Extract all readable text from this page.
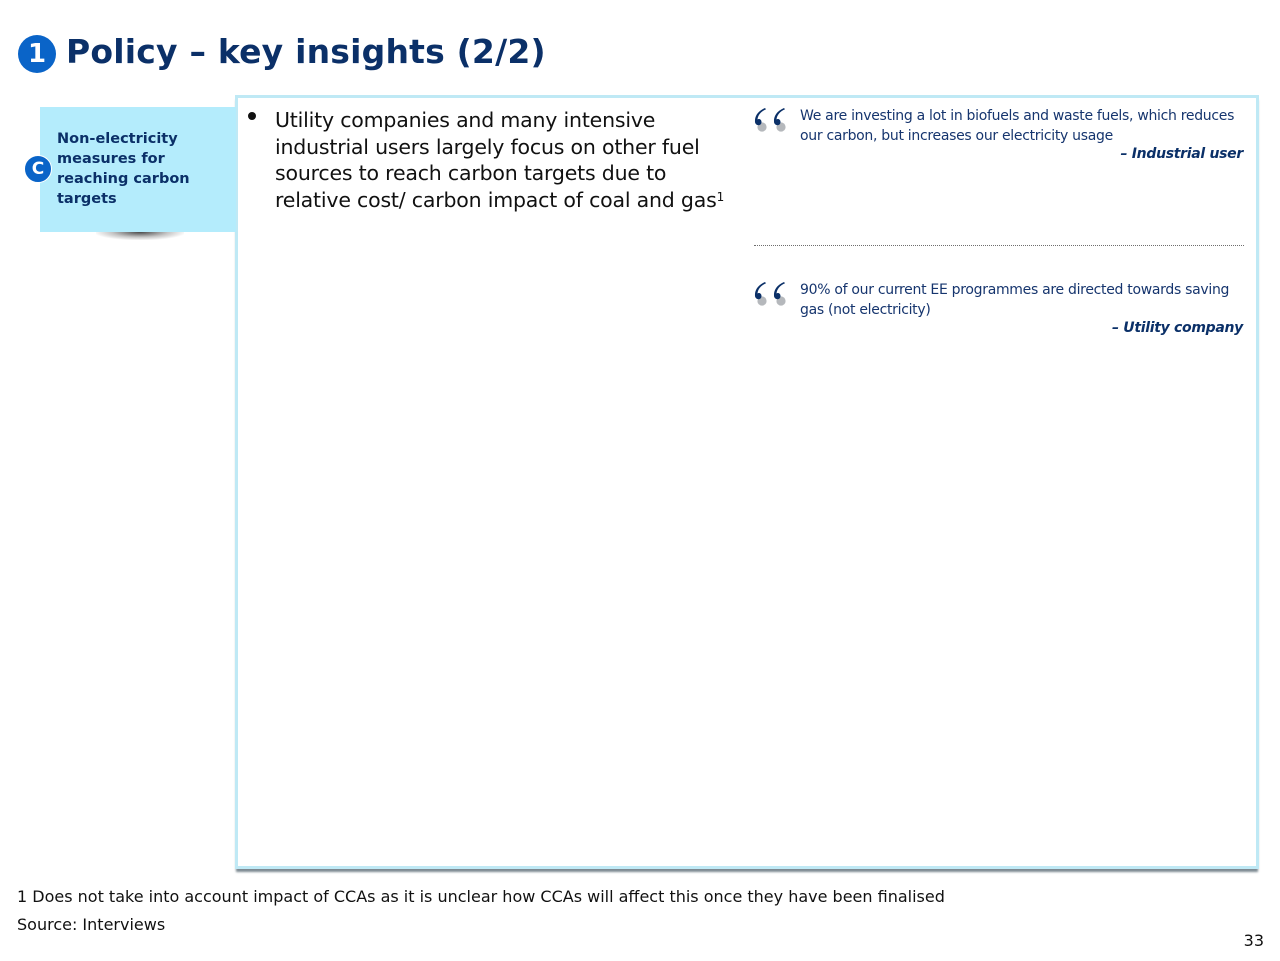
1 Policy – key insights (2/2)
Non-electricity measures for reaching carbon targets
C
Utility companies and many intensive industrial users largely focus on other fuel sources to reach carbon targets due to relative cost/ carbon impact of coal and gas$^1$
We are investing a lot in biofuels and waste fuels, which reduces our carbon, but increases our electricity usage
– Industrial user
90% of our current EE programmes are directed towards saving gas (not electricity)
– Utility company
1 Does not take into account impact of CCAs as it is unclear how CCAs will affect this once they have been finalised
Source: Interviews
33
